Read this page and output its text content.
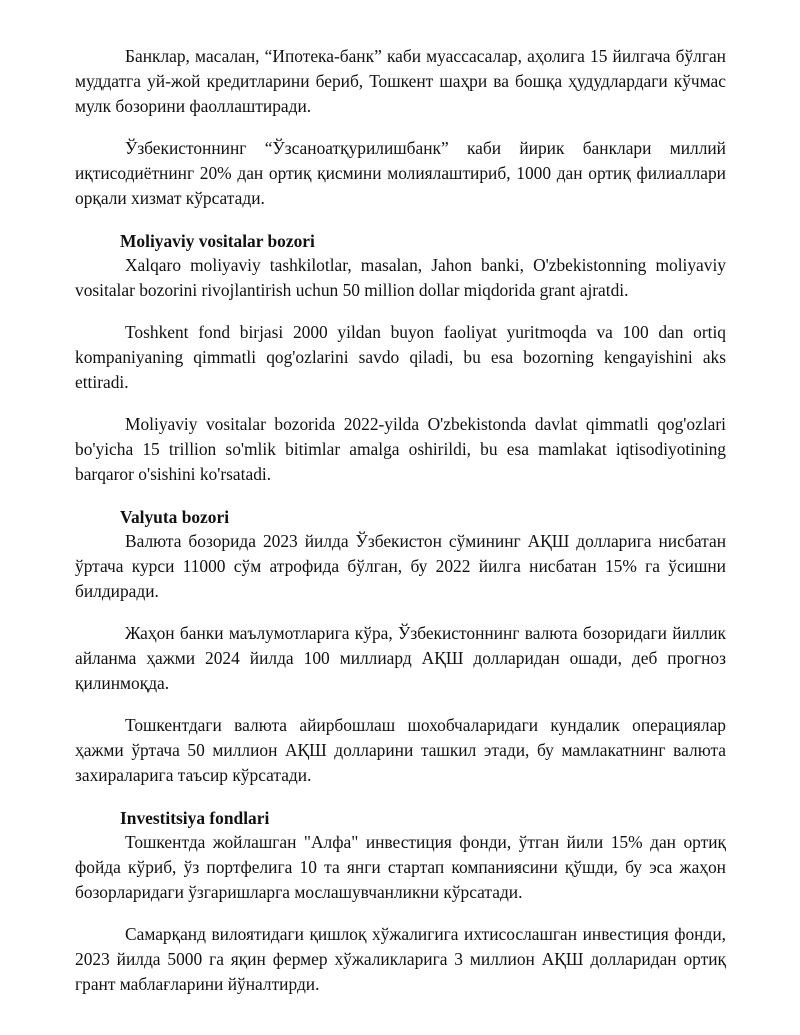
Банклар, масалан, “Ипотека-банк” каби муассасалар, аҳолига 15 йилгача бўлган муддатга уй-жой кредитларини бериб, Тошкент шаҳри ва бошқа ҳудудлардаги кўчмас мулк бозорини фаоллаштиради.

Ўзбекистоннинг “Ўзсаноатқурилишбанк” каби йирик банклари миллий иқтисодиётнинг 20% дан ортиқ қисмини молиялаштириб, 1000 дан ортиқ филиаллари орқали хизмат кўрсатади.

Moliyaviy vositalar bozori

Xalqaro moliyaviy tashkilotlar, masalan, Jahon banki, O'zbekistonning moliyaviy vositalar bozorini rivojlantirish uchun 50 million dollar miqdorida grant ajratdi.

Toshkent fond birjasi 2000 yildan buyon faoliyat yuritmoqda va 100 dan ortiq kompaniyaning qimmatli qog'ozlarini savdo qiladi, bu esa bozorning kengayishini aks ettiradi.

Moliyaviy vositalar bozorida 2022-yilda O'zbekistonda davlat qimmatli qog'ozlari bo'yicha 15 trillion so'mlik bitimlar amalga oshirildi, bu esa mamlakat iqtisodiyotining barqaror o'sishini ko'rsatadi.

Valyuta bozori

Валюта бозорида 2023 йилда Ўзбекистон сўмининг АҚШ долларига нисбатан ўртача курси 11000 сўм атрофида бўлган, бу 2022 йилга нисбатан 15% га ўсишни билдиради.

Жаҳон банки маълумотларига кўра, Ўзбекистоннинг валюта бозоридаги йиллик айланма ҳажми 2024 йилда 100 миллиард АҚШ долларидан ошади, деб прогноз қилинмоқда.

Тошкентдаги валюта айирбошлаш шохобчаларидаги кундалик операциялар ҳажми ўртача 50 миллион АҚШ долларини ташкил этади, бу мамлакатнинг валюта захираларига таъсир кўрсатади.

Investitsiya fondlari

Тошкентда жойлашган "Алфа" инвестиция фонди, ўтган йили 15% дан ортиқ фойда кўриб, ўз портфелига 10 та янги стартап компаниясини қўшди, бу эса жаҳон бозорларидаги ўзгаришларга мослашувчанликни кўрсатади.

Самарқанд вилоятидаги қишлоқ хўжалигига ихтисослашган инвестиция фонди, 2023 йилда 5000 га яқин фермер хўжаликларига 3 миллион АҚШ долларидан ортиқ грант маблағларини йўналтирди.
